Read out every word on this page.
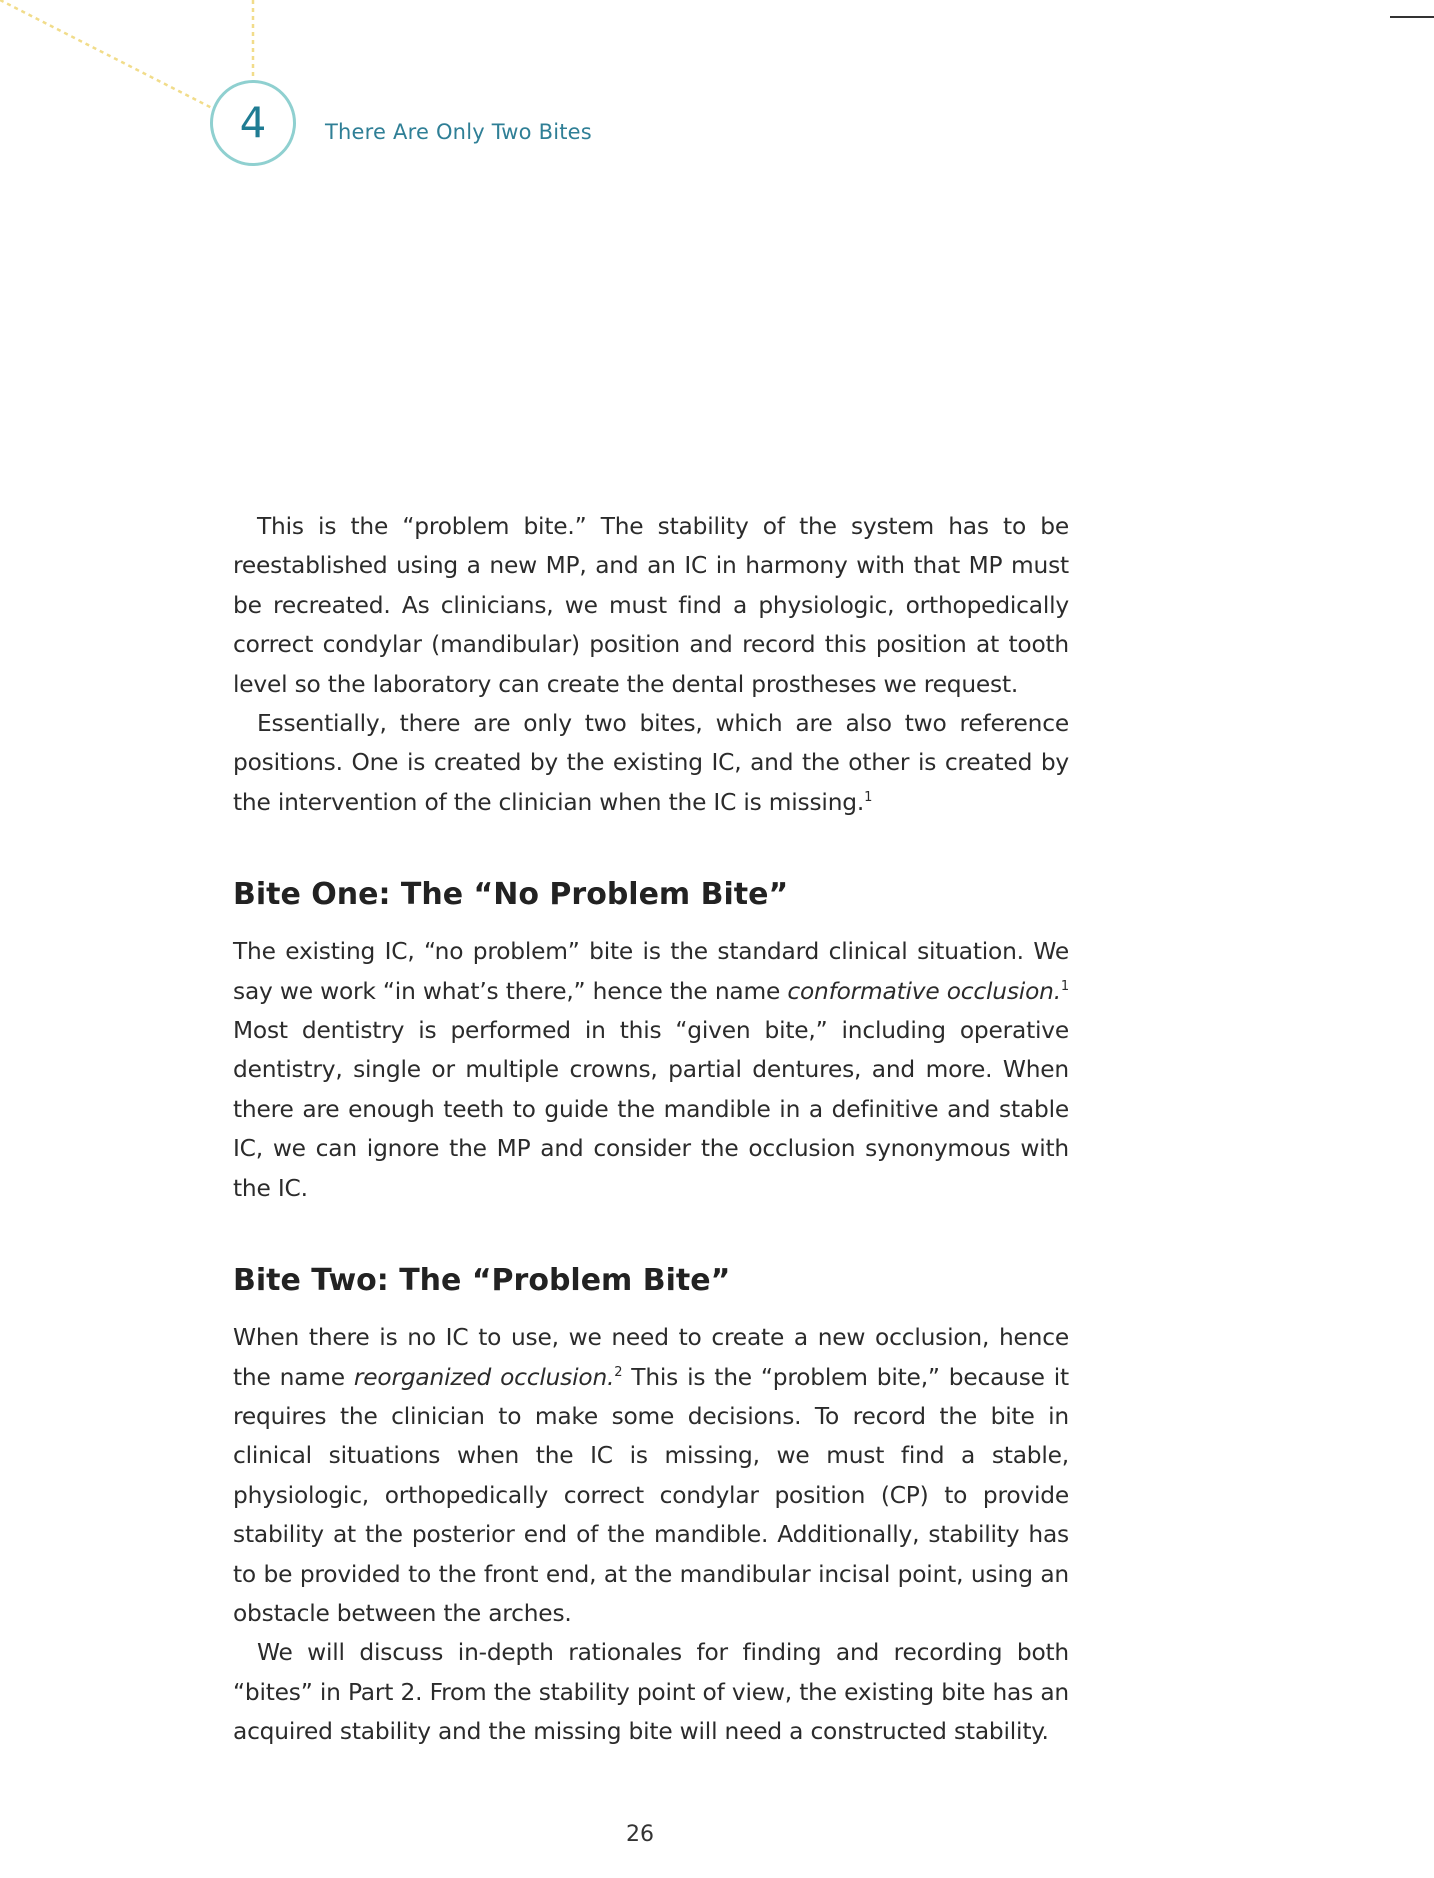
4	There Are Only Two Bites

This is the “problem bite.” The stability of the system has to be reestablished using a new MP, and an IC in harmony with that MP must be recreated. As clinicians, we must find a physiologic, orthopedically correct condylar (mandibular) position and record this position at tooth level so the laboratory can create the dental prostheses we request.

Essentially, there are only two bites, which are also two reference positions. One is created by the existing IC, and the other is created by the intervention of the clinician when the IC is missing.$^1$

Bite One: The “No Problem Bite”

The existing IC, “no problem” bite is the standard clinical situation. We say we work “in what’s there,” hence the name conformative occlusion.$^1$ Most dentistry is performed in this “given bite,” including operative dentistry, single or multiple crowns, partial dentures, and more. When there are enough teeth to guide the mandible in a definitive and stable IC, we can ignore the MP and consider the occlusion synonymous with the IC.

Bite Two: The “Problem Bite”

When there is no IC to use, we need to create a new occlusion, hence the name reorganized occlusion.$^2$ This is the “problem bite,” because it requires the clinician to make some decisions. To record the bite in clinical situations when the IC is missing, we must find a stable, physiologic, orthopedically correct condylar position (CP) to provide stability at the posterior end of the mandible. Additionally, stability has to be provided to the front end, at the mandibular incisal point, using an obstacle between the arches.

We will discuss in-depth rationales for finding and recording both “bites” in Part 2. From the stability point of view, the existing bite has an acquired stability and the missing bite will need a constructed stability.

26
